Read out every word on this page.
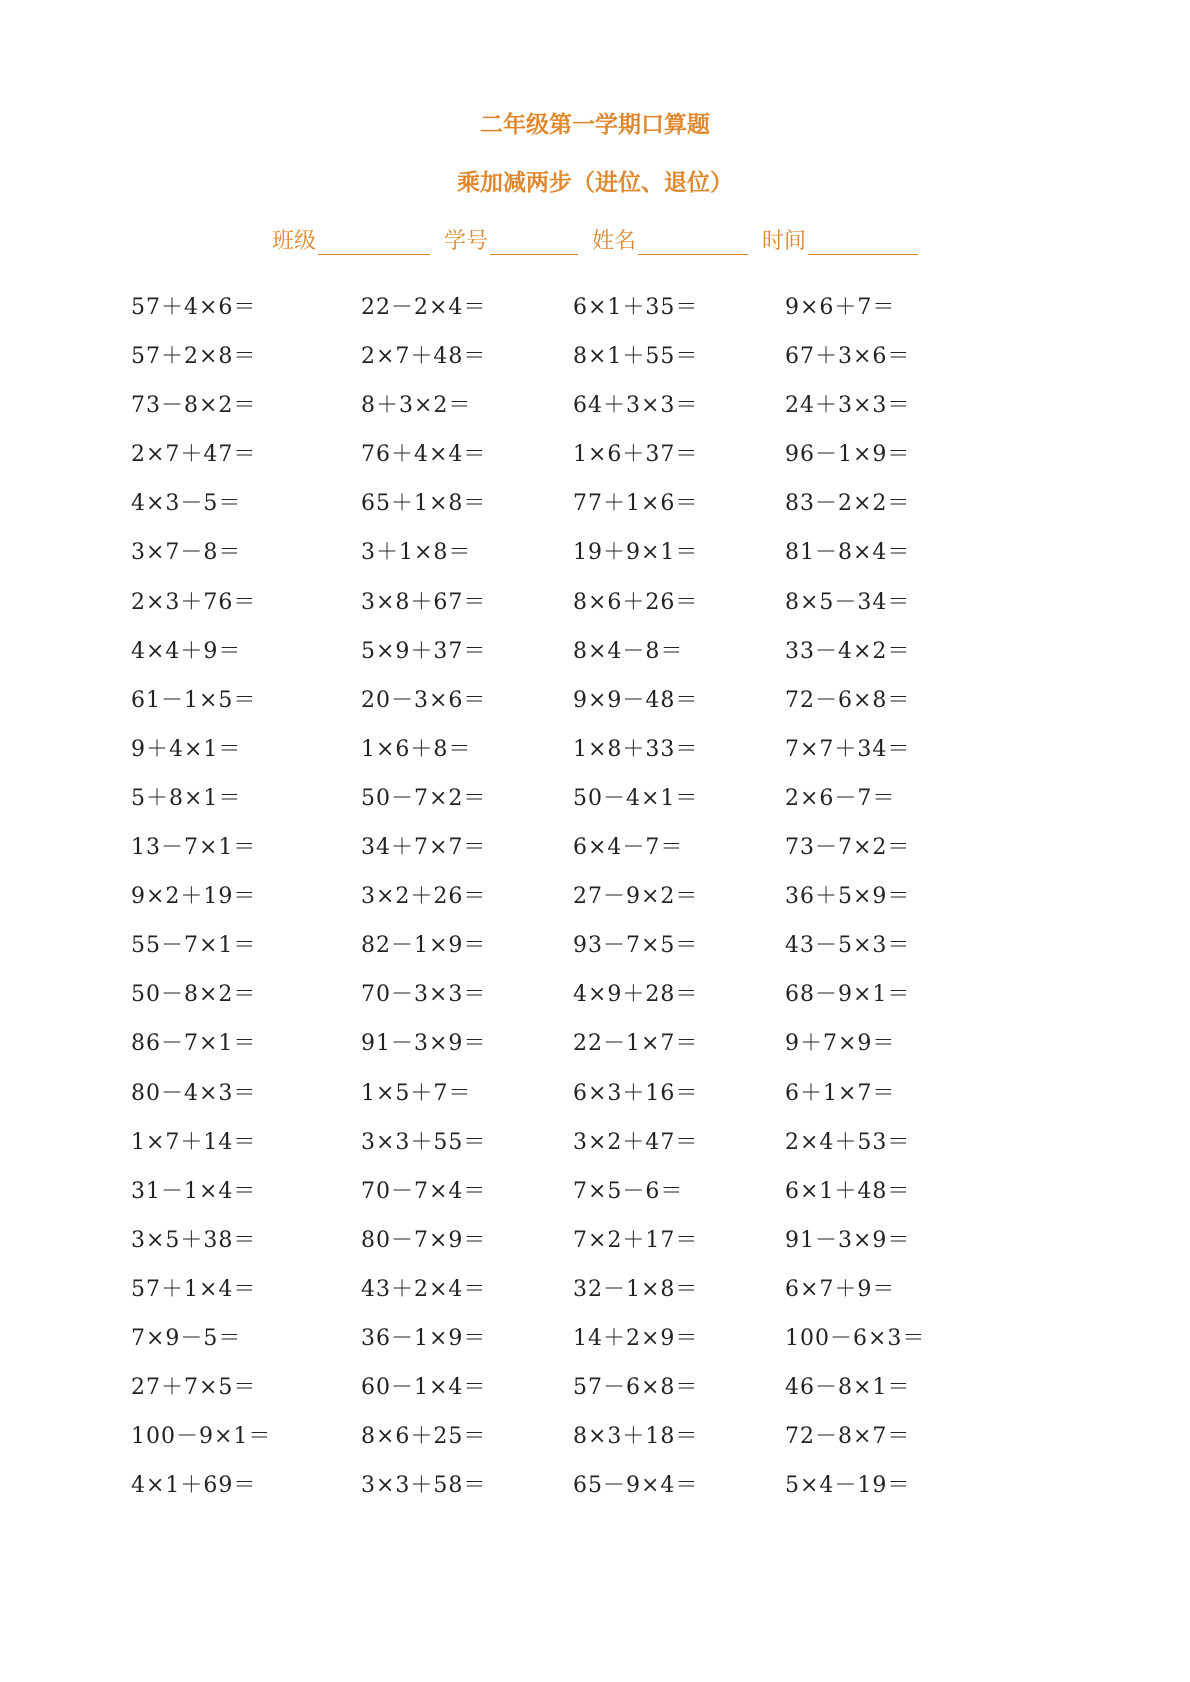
二年级第一学期口算题
乘加减两步（进位、退位）
班级	学号	姓名	时间
57＋4×6＝	22－2×4＝	6×1＋35＝	9×6＋7＝
57＋2×8＝	2×7＋48＝	8×1＋55＝	67＋3×6＝
73－8×2＝	8＋3×2＝	64＋3×3＝	24＋3×3＝
2×7＋47＝	76＋4×4＝	1×6＋37＝	96－1×9＝
4×3－5＝	65＋1×8＝	77＋1×6＝	83－2×2＝
3×7－8＝	3＋1×8＝	19＋9×1＝	81－8×4＝
2×3＋76＝	3×8＋67＝	8×6＋26＝	8×5－34＝
4×4＋9＝	5×9＋37＝	8×4－8＝	33－4×2＝
61－1×5＝	20－3×6＝	9×9－48＝	72－6×8＝
9＋4×1＝	1×6＋8＝	1×8＋33＝	7×7＋34＝
5＋8×1＝	50－7×2＝	50－4×1＝	2×6－7＝
13－7×1＝	34＋7×7＝	6×4－7＝	73－7×2＝
9×2＋19＝	3×2＋26＝	27－9×2＝	36＋5×9＝
55－7×1＝	82－1×9＝	93－7×5＝	43－5×3＝
50－8×2＝	70－3×3＝	4×9＋28＝	68－9×1＝
86－7×1＝	91－3×9＝	22－1×7＝	9＋7×9＝
80－4×3＝	1×5＋7＝	6×3＋16＝	6＋1×7＝
1×7＋14＝	3×3＋55＝	3×2＋47＝	2×4＋53＝
31－1×4＝	70－7×4＝	7×5－6＝	6×1＋48＝
3×5＋38＝	80－7×9＝	7×2＋17＝	91－3×9＝
57＋1×4＝	43＋2×4＝	32－1×8＝	6×7＋9＝
7×9－5＝	36－1×9＝	14＋2×9＝	100－6×3＝
27＋7×5＝	60－1×4＝	57－6×8＝	46－8×1＝
100－9×1＝	8×6＋25＝	8×3＋18＝	72－8×7＝
4×1＋69＝	3×3＋58＝	65－9×4＝	5×4－19＝
